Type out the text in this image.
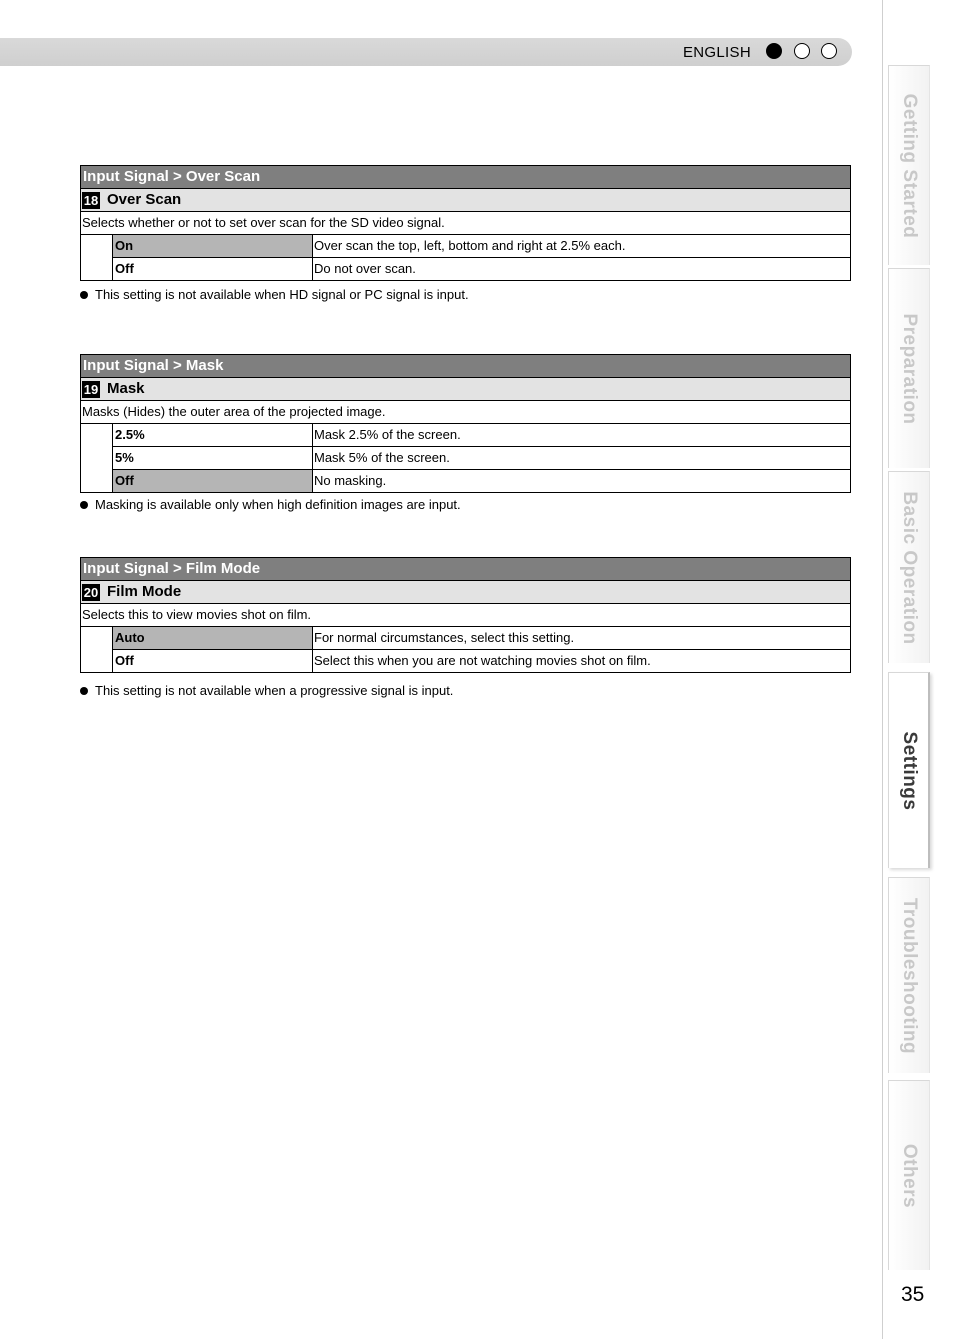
ENGLISH
Getting Started
Preparation
Basic Operation
Settings
Troubleshooting
Others
35
Input Signal > Over Scan
18 Over Scan
Selects whether or not to set over scan for the SD video signal.
On	Over scan the top, left, bottom and right at 2.5% each.
Off	Do not over scan.
This setting is not available when HD signal or PC signal is input.
Input Signal > Mask
19 Mask
Masks (Hides) the outer area of the projected image.
2.5%	Mask 2.5% of the screen.
5%	Mask 5% of the screen.
Off	No masking.
Masking is available only when high definition images are input.
Input Signal > Film Mode
20 Film Mode
Selects this to view movies shot on film.
Auto	For normal circumstances, select this setting.
Off	Select this when you are not watching movies shot on film.
This setting is not available when a progressive signal is input.
